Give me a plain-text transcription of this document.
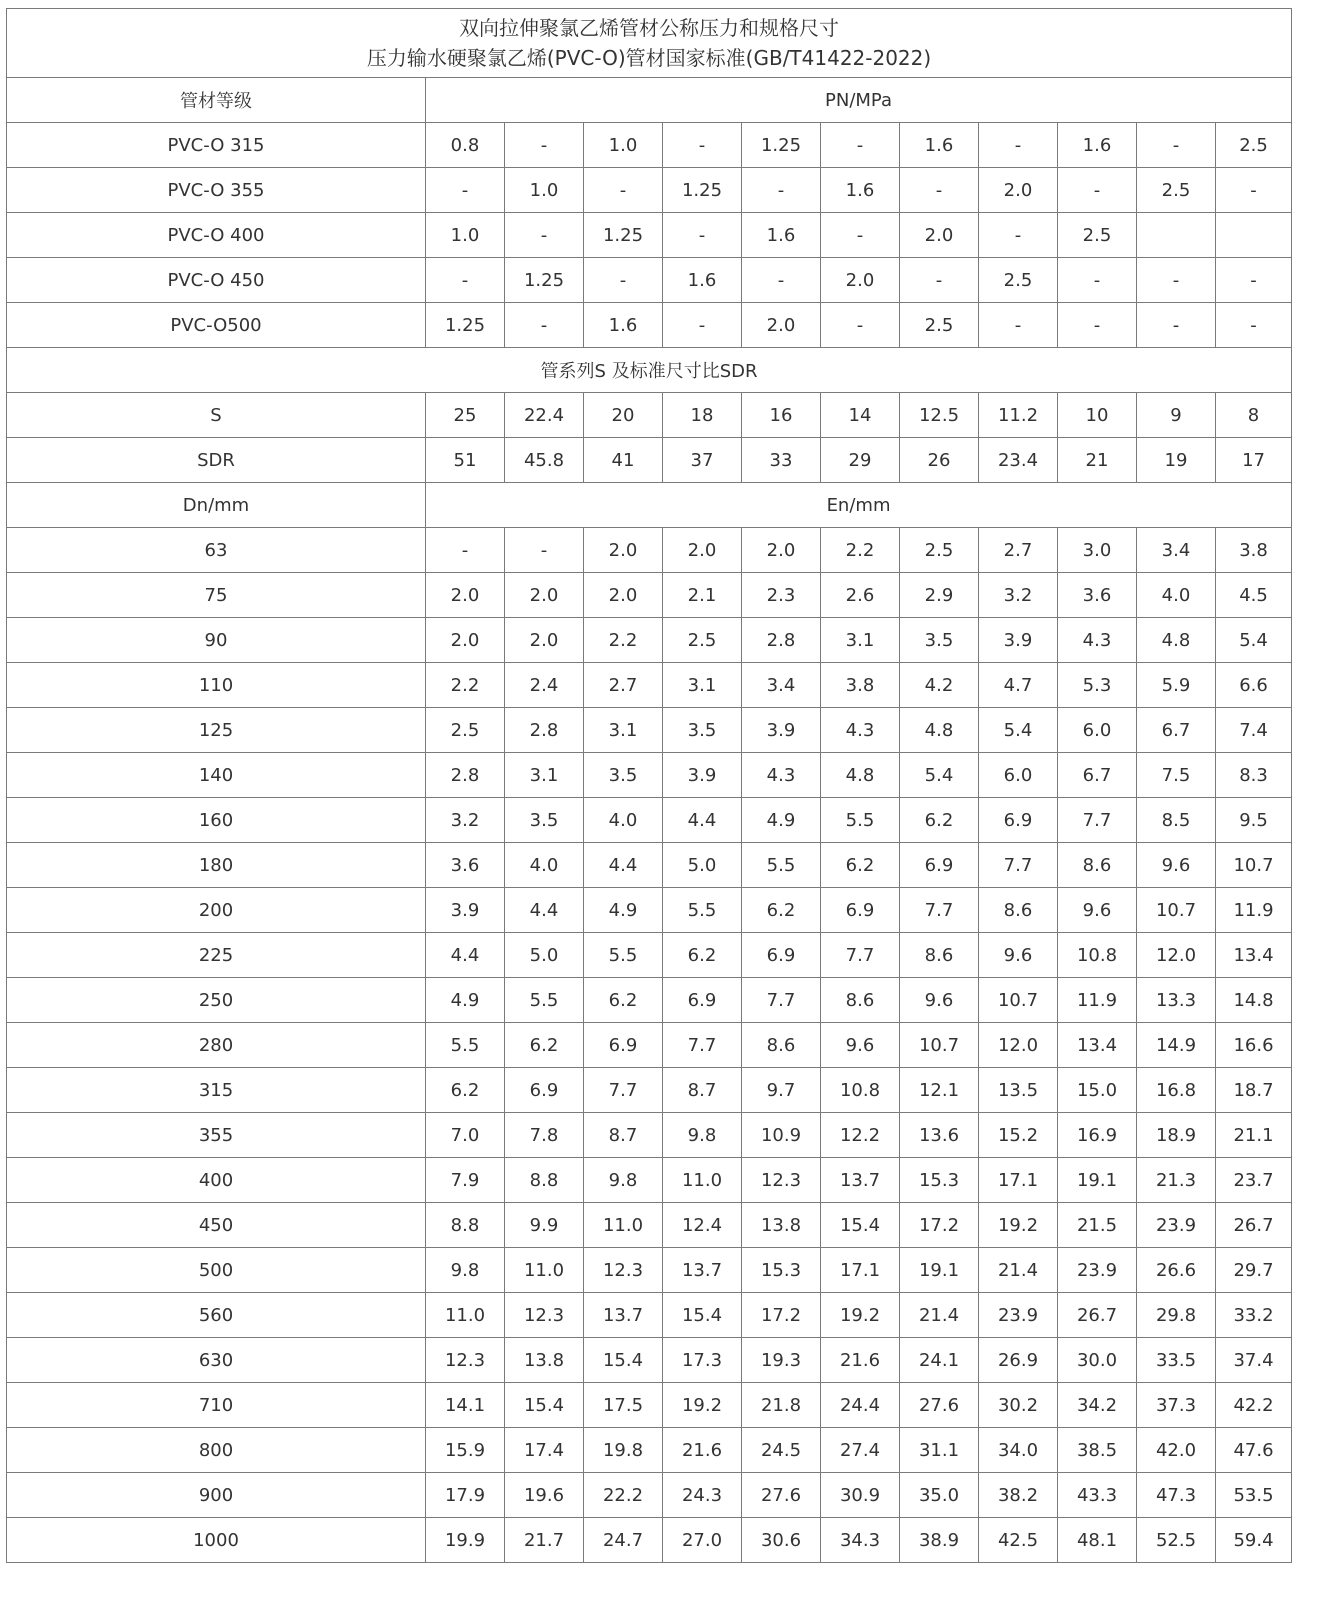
双向拉伸聚氯乙烯管材公称压力和规格尺寸
压力输水硬聚氯乙烯(PVC-O)管材国家标准(GB/T41422-2022)											

管材等级	PN/MPa										
PVC-O 315	0.8	-	1.0	-	1.25	-	1.6	-	1.6	-	2.5
PVC-O 355	-	1.0	-	1.25	-	1.6	-	2.0	-	2.5	-
PVC-O 400	1.0	-	1.25	-	1.6	-	2.0	-	2.5		
PVC-O 450	-	1.25	-	1.6	-	2.0	-	2.5	-	-	-
PVC-O500	1.25	-	1.6	-	2.0	-	2.5	-	-	-	-
管系列S 及标准尺寸比SDR											
S	25	22.4	20	18	16	14	12.5	11.2	10	9	8
SDR	51	45.8	41	37	33	29	26	23.4	21	19	17
Dn/mm	En/mm										
63	-	-	2.0	2.0	2.0	2.2	2.5	2.7	3.0	3.4	3.8
75	2.0	2.0	2.0	2.1	2.3	2.6	2.9	3.2	3.6	4.0	4.5
90	2.0	2.0	2.2	2.5	2.8	3.1	3.5	3.9	4.3	4.8	5.4
110	2.2	2.4	2.7	3.1	3.4	3.8	4.2	4.7	5.3	5.9	6.6
125	2.5	2.8	3.1	3.5	3.9	4.3	4.8	5.4	6.0	6.7	7.4
140	2.8	3.1	3.5	3.9	4.3	4.8	5.4	6.0	6.7	7.5	8.3
160	3.2	3.5	4.0	4.4	4.9	5.5	6.2	6.9	7.7	8.5	9.5
180	3.6	4.0	4.4	5.0	5.5	6.2	6.9	7.7	8.6	9.6	10.7
200	3.9	4.4	4.9	5.5	6.2	6.9	7.7	8.6	9.6	10.7	11.9
225	4.4	5.0	5.5	6.2	6.9	7.7	8.6	9.6	10.8	12.0	13.4
250	4.9	5.5	6.2	6.9	7.7	8.6	9.6	10.7	11.9	13.3	14.8
280	5.5	6.2	6.9	7.7	8.6	9.6	10.7	12.0	13.4	14.9	16.6
315	6.2	6.9	7.7	8.7	9.7	10.8	12.1	13.5	15.0	16.8	18.7
355	7.0	7.8	8.7	9.8	10.9	12.2	13.6	15.2	16.9	18.9	21.1
400	7.9	8.8	9.8	11.0	12.3	13.7	15.3	17.1	19.1	21.3	23.7
450	8.8	9.9	11.0	12.4	13.8	15.4	17.2	19.2	21.5	23.9	26.7
500	9.8	11.0	12.3	13.7	15.3	17.1	19.1	21.4	23.9	26.6	29.7
560	11.0	12.3	13.7	15.4	17.2	19.2	21.4	23.9	26.7	29.8	33.2
630	12.3	13.8	15.4	17.3	19.3	21.6	24.1	26.9	30.0	33.5	37.4
710	14.1	15.4	17.5	19.2	21.8	24.4	27.6	30.2	34.2	37.3	42.2
800	15.9	17.4	19.8	21.6	24.5	27.4	31.1	34.0	38.5	42.0	47.6
900	17.9	19.6	22.2	24.3	27.6	30.9	35.0	38.2	43.3	47.3	53.5
1000	19.9	21.7	24.7	27.0	30.6	34.3	38.9	42.5	48.1	52.5	59.4
